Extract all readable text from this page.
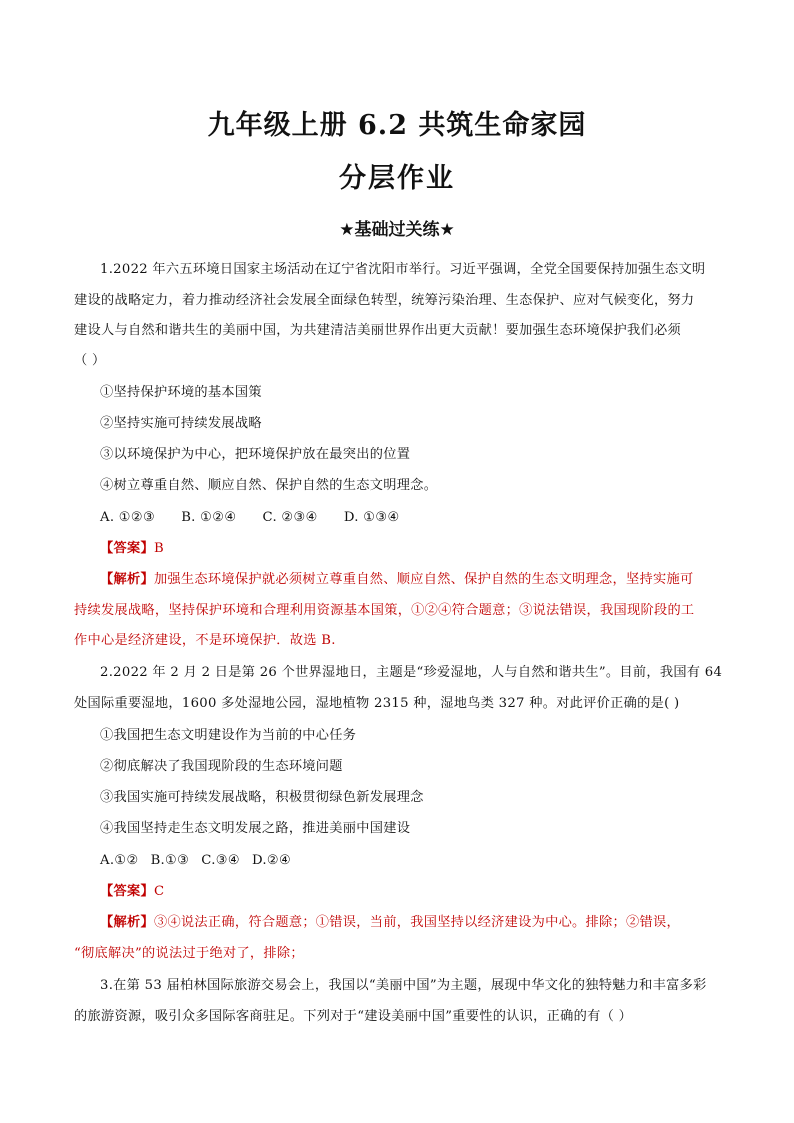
九年级上册 6.2 共筑生命家园
分层作业
★基础过关练★
1.2022 年六五环境日国家主场活动在辽宁省沈阳市举行。习近平强调，全党全国要保持加强生态文明
建设的战略定力，着力推动经济社会发展全面绿色转型，统筹污染治理、生态保护、应对气候变化，努力
建设人与自然和谐共生的美丽中国，为共建清洁美丽世界作出更大贡献！要加强生态环境保护我们必须
（ ）
①坚持保护环境的基本国策
②坚持实施可持续发展战略
③以环境保护为中心，把环境保护放在最突出的位置
④树立尊重自然、顺应自然、保护自然的生态文明理念。
A. ①②③ B. ①②④ C. ②③④ D. ①③④
【答案】B
【解析】加强生态环境保护就必须树立尊重自然、顺应自然、保护自然的生态文明理念，坚持实施可
持续发展战略，坚持保护环境和合理利用资源基本国策，①②④符合题意；③说法错误，我国现阶段的工
作中心是经济建设，不是环境保护．故选 B.
2.2022 年 2 月 2 日是第 26 个世界湿地日，主题是“珍爱湿地，人与自然和谐共生”。目前，我国有 64
处国际重要湿地，1600 多处湿地公园，湿地植物 2315 种，湿地鸟类 327 种。对此评价正确的是( )
①我国把生态文明建设作为当前的中心任务
②彻底解决了我国现阶段的生态环境问题
③我国实施可持续发展战略，积极贯彻绿色新发展理念
④我国坚持走生态文明发展之路，推进美丽中国建设
A.①② B.①③ C.③④ D.②④
【答案】C
【解析】③④说法正确，符合题意；①错误，当前，我国坚持以经济建设为中心。排除；②错误，
“彻底解决”的说法过于绝对了，排除；
3.在第 53 届柏林国际旅游交易会上，我国以“美丽中国”为主题，展现中华文化的独特魅力和丰富多彩
的旅游资源，吸引众多国际客商驻足。下列对于“建设美丽中国”重要性的认识，正确的有（ ）
